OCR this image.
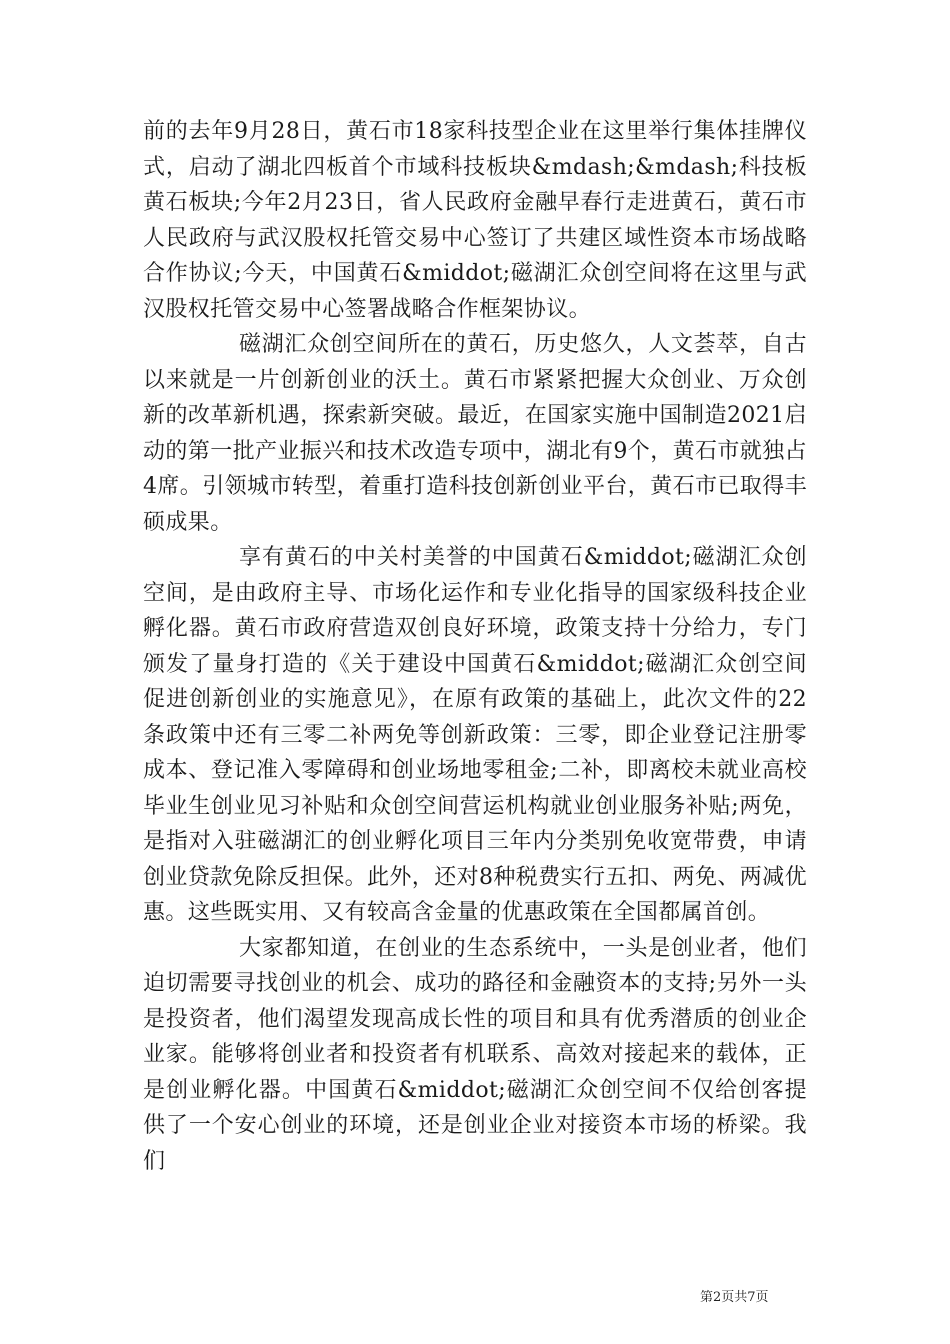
前的去年9月28日，黄石市18家科技型企业在这里举行集体挂牌仪式，启动了湖北四板首个市域科技板块&mdash;&mdash;科技板黄石板块;今年2月23日，省人民政府金融早春行走进黄石，黄石市人民政府与武汉股权托管交易中心签订了共建区域性资本市场战略合作协议;今天，中国黄石&middot;磁湖汇众创空间将在这里与武汉股权托管交易中心签署战略合作框架协议。

磁湖汇众创空间所在的黄石，历史悠久，人文荟萃，自古以来就是一片创新创业的沃土。黄石市紧紧把握大众创业、万众创新的改革新机遇，探索新突破。最近，在国家实施中国制造2021启动的第一批产业振兴和技术改造专项中，湖北有9个，黄石市就独占4席。引领城市转型，着重打造科技创新创业平台，黄石市已取得丰硕成果。

享有黄石的中关村美誉的中国黄石&middot;磁湖汇众创空间，是由政府主导、市场化运作和专业化指导的国家级科技企业孵化器。黄石市政府营造双创良好环境，政策支持十分给力，专门颁发了量身打造的《关于建设中国黄石&middot;磁湖汇众创空间促进创新创业的实施意见》，在原有政策的基础上，此次文件的22条政策中还有三零二补两免等创新政策：三零，即企业登记注册零成本、登记准入零障碍和创业场地零租金;二补，即离校未就业高校毕业生创业见习补贴和众创空间营运机构就业创业服务补贴;两免，是指对入驻磁湖汇的创业孵化项目三年内分类别免收宽带费，申请创业贷款免除反担保。此外，还对8种税费实行五扣、两免、两减优惠。这些既实用、又有较高含金量的优惠政策在全国都属首创。

大家都知道，在创业的生态系统中，一头是创业者，他们迫切需要寻找创业的机会、成功的路径和金融资本的支持;另外一头是投资者，他们渴望发现高成长性的项目和具有优秀潜质的创业企业家。能够将创业者和投资者有机联系、高效对接起来的载体，正是创业孵化器。中国黄石&middot;磁湖汇众创空间不仅给创客提供了一个安心创业的环境，还是创业企业对接资本市场的桥梁。我们

第2页共7页
